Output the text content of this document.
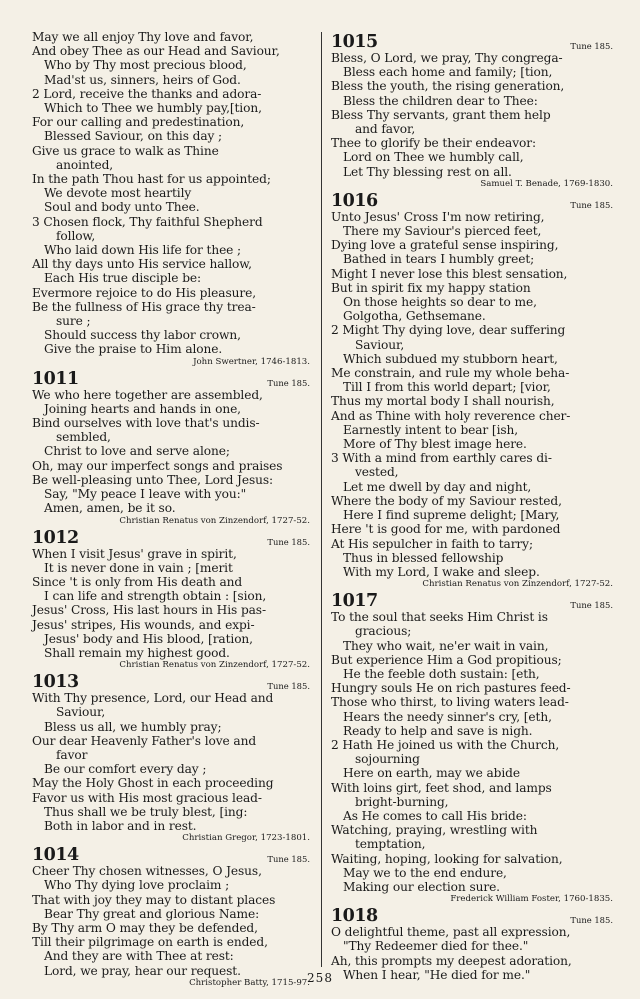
May we all enjoy Thy love and favor,
And obey Thee as our Head and Saviour,
Who by Thy most precious blood,
Mad'st us, sinners, heirs of God.
2 Lord, receive the thanks and adora-
Which to Thee we humbly pay,[tion,
For our calling and predestination,
Blessed Saviour, on this day ;
Give us grace to walk as Thine
anointed,
In the path Thou hast for us appointed;
We devote most heartily
Soul and body unto Thee.
3 Chosen flock, Thy faithful Shepherd
follow,
Who laid down His life for thee ;
All thy days unto His service hallow,
Each His true disciple be:
Evermore rejoice to do His pleasure,
Be the fullness of His grace thy trea-
sure ;
Should success thy labor crown,
Give the praise to Him alone.
John Swertner, 1746-1813.
1011	Tune 185.
We who here together are assembled,
Joining hearts and hands in one,
Bind ourselves with love that's undis-
sembled,
Christ to love and serve alone;
Oh, may our imperfect songs and praises
Be well-pleasing unto Thee, Lord Jesus:
Say, "My peace I leave with you:"
Amen, amen, be it so.
Christian Renatus von Zinzendorf, 1727-52.
1012	Tune 185.
When I visit Jesus' grave in spirit,
It is never done in vain ; [merit
Since 't is only from His death and
I can life and strength obtain : [sion,
Jesus' Cross, His last hours in His pas-
Jesus' stripes, His wounds, and expi-
Jesus' body and His blood, [ration,
Shall remain my highest good.
Christian Renatus von Zinzendorf, 1727-52.
1013	Tune 185.
With Thy presence, Lord, our Head and
Saviour,
Bless us all, we humbly pray;
Our dear Heavenly Father's love and
favor
Be our comfort every day ;
May the Holy Ghost in each proceeding
Favor us with His most gracious lead-
Thus shall we be truly blest, [ing:
Both in labor and in rest.
Christian Gregor, 1723-1801.
1014	Tune 185.
Cheer Thy chosen witnesses, O Jesus,
Who Thy dying love proclaim ;
That with joy they may to distant places
Bear Thy great and glorious Name:
By Thy arm O may they be defended,
Till their pilgrimage on earth is ended,
And they are with Thee at rest:
Lord, we pray, hear our request.
Christopher Batty, 1715-97.
1015	Tune 185.
Bless, O Lord, we pray, Thy congrega-
Bless each home and family; [tion,
Bless the youth, the rising generation,
Bless the children dear to Thee:
Bless Thy servants, grant them help
and favor,
Thee to glorify be their endeavor:
Lord on Thee we humbly call,
Let Thy blessing rest on all.
Samuel T. Benade, 1769-1830.
1016	Tune 185.
Unto Jesus' Cross I'm now retiring,
There my Saviour's pierced feet,
Dying love a grateful sense inspiring,
Bathed in tears I humbly greet;
Might I never lose this blest sensation,
But in spirit fix my happy station
On those heights so dear to me,
Golgotha, Gethsemane.
2 Might Thy dying love, dear suffering
Saviour,
Which subdued my stubborn heart,
Me constrain, and rule my whole beha-
Till I from this world depart; [vior,
Thus my mortal body I shall nourish,
And as Thine with holy reverence cher-
Earnestly intent to bear [ish,
More of Thy blest image here.
3 With a mind from earthly cares di-
vested,
Let me dwell by day and night,
Where the body of my Saviour rested,
Here I find supreme delight; [Mary,
Here 't is good for me, with pardoned
At His sepulcher in faith to tarry;
Thus in blessed fellowship
With my Lord, I wake and sleep.
Christian Renatus von Zinzendorf, 1727-52.
1017	Tune 185.
To the soul that seeks Him Christ is
gracious;
They who wait, ne'er wait in vain,
But experience Him a God propitious;
He the feeble doth sustain: [eth,
Hungry souls He on rich pastures feed-
Those who thirst, to living waters lead-
Hears the needy sinner's cry, [eth,
Ready to help and save is nigh.
2 Hath He joined us with the Church,
sojourning
Here on earth, may we abide
With loins girt, feet shod, and lamps
bright-burning,
As He comes to call His bride:
Watching, praying, wrestling with
temptation,
Waiting, hoping, looking for salvation,
May we to the end endure,
Making our election sure.
Frederick William Foster, 1760-1835.
1018	Tune 185.
O delightful theme, past all expression,
"Thy Redeemer died for thee."
Ah, this prompts my deepest adoration,
When I hear, "He died for me."
258
